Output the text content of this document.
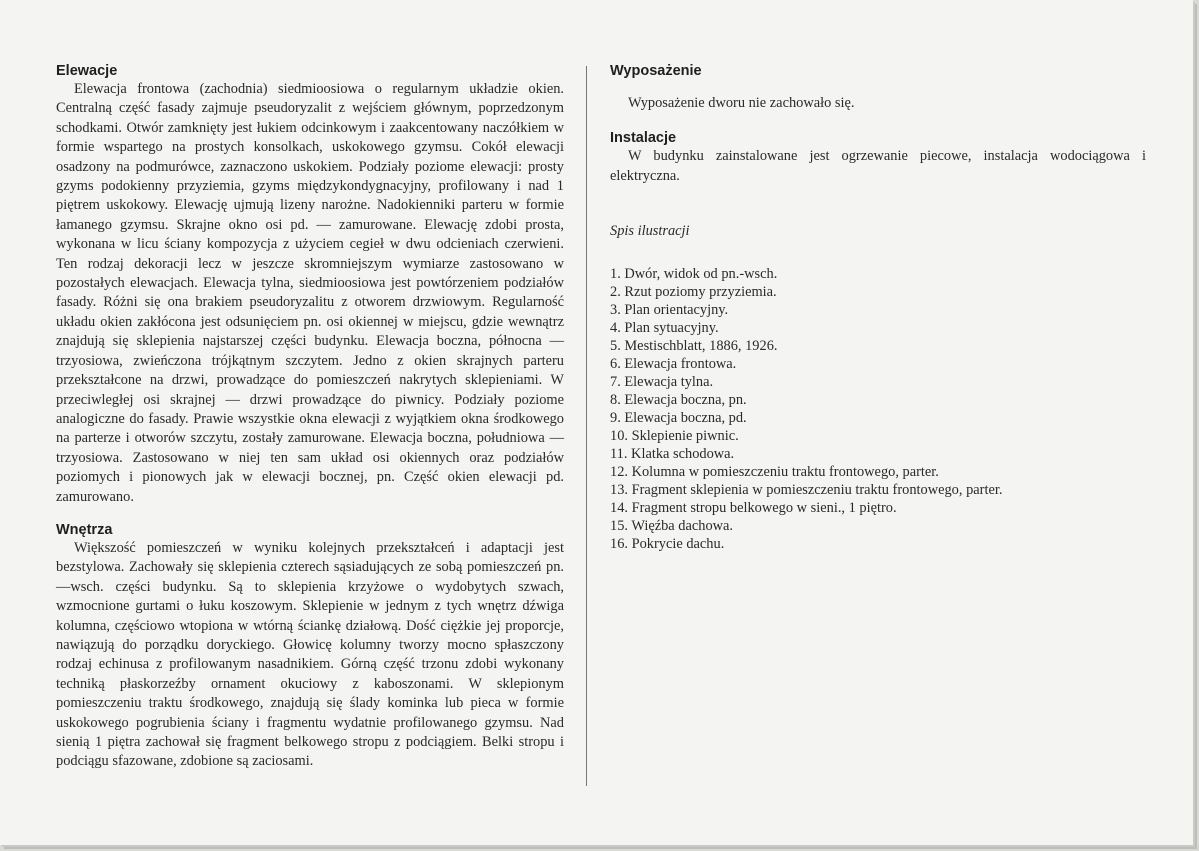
Elewacje

Elewacja frontowa (zachodnia) siedmioosiowa o regularnym układzie okien. Centralną część fasady zajmuje pseudoryzalit z wejściem głównym, poprzedzonym schodkami. Otwór zamknięty jest łukiem odcinkowym i zaakcentowany naczółkiem w formie wspartego na prostych konsolkach, uskokowego gzymsu. Cokół elewacji osadzony na podmurówce, zaznaczono uskokiem. Podziały poziome elewacji: prosty gzyms podokienny przyziemia, gzyms międzykondygnacyjny, profilowany i nad 1 piętrem uskokowy. Elewację ujmują lizeny narożne. Nadokienniki parteru w formie łamanego gzymsu. Skrajne okno osi pd. — zamurowane. Elewację zdobi prosta, wykonana w licu ściany kompozycja z użyciem cegieł w dwu odcieniach czerwieni. Ten rodzaj dekoracji lecz w jeszcze skromniejszym wymiarze zastosowano w pozostałych elewacjach. Elewacja tylna, siedmioosiowa jest powtórzeniem podziałów fasady. Różni się ona brakiem pseudoryzalitu z otworem drzwiowym. Regularność układu okien zakłócona jest odsunięciem pn. osi okiennej w miejscu, gdzie wewnątrz znajdują się sklepienia najstarszej części budynku. Elewacja boczna, północna — trzyosiowa, zwieńczona trójkątnym szczytem. Jedno z okien skrajnych parteru przekształcone na drzwi, prowadzące do pomieszczeń nakrytych sklepieniami. W przeciwległej osi skrajnej — drzwi prowadzące do piwnicy. Podziały poziome analogiczne do fasady. Prawie wszystkie okna elewacji z wyjątkiem okna środkowego na parterze i otworów szczytu, zostały zamurowane. Elewacja boczna, południowa — trzyosiowa. Zastosowano w niej ten sam układ osi okiennych oraz podziałów poziomych i pionowych jak w elewacji bocznej, pn. Część okien elewacji pd. zamurowano.

Wnętrza

Większość pomieszczeń w wyniku kolejnych przekształceń i adaptacji jest bezstylowa. Zachowały się sklepienia czterech sąsiadujących ze sobą pomieszczeń pn.—wsch. części budynku. Są to sklepienia krzyżowe o wydobytych szwach, wzmocnione gurtami o łuku koszowym. Sklepienie w jednym z tych wnętrz dźwiga kolumna, częściowo wtopiona w wtórną ściankę działową. Dość ciężkie jej proporcje, nawiązują do porządku doryckiego. Głowicę kolumny tworzy mocno spłaszczony rodzaj echinusa z profilowanym nasadnikiem. Górną część trzonu zdobi wykonany techniką płaskorzeźby ornament okuciowy z kaboszonami. W sklepionym pomieszczeniu traktu środkowego, znajdują się ślady kominka lub pieca w formie uskokowego pogrubienia ściany i fragmentu wydatnie profilowanego gzymsu. Nad sienią 1 piętra zachował się fragment belkowego stropu z podciągiem. Belki stropu i podciągu sfazowane, zdobione są zaciosami.

Wyposażenie

Wyposażenie dworu nie zachowało się.

Instalacje

W budynku zainstalowane jest ogrzewanie piecowe, instalacja wodociągowa i elektryczna.

Spis ilustracji
1. Dwór, widok od pn.-wsch.
2. Rzut poziomy przyziemia.
3. Plan orientacyjny.
4. Plan sytuacyjny.
5. Mestischblatt, 1886, 1926.
6. Elewacja frontowa.
7. Elewacja tylna.
8. Elewacja boczna, pn.
9. Elewacja boczna, pd.
10. Sklepienie piwnic.
11. Klatka schodowa.
12. Kolumna w pomieszczeniu traktu frontowego, parter.
13. Fragment sklepienia w pomieszczeniu traktu frontowego, parter.
14. Fragment stropu belkowego w sieni., 1 piętro.
15. Więźba dachowa.
16. Pokrycie dachu.
